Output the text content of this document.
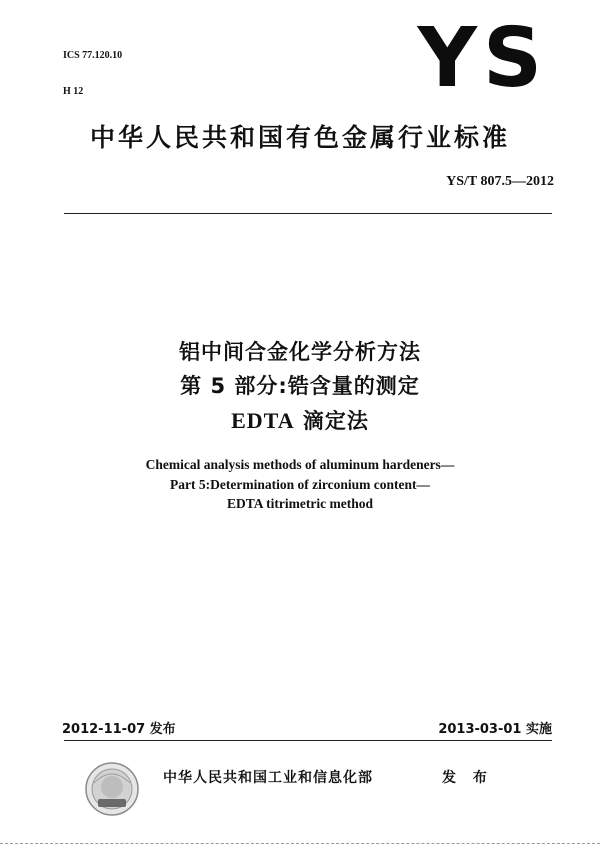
ICS 77.120.10

H 12	YS
中华人民共和国有色金属行业标准
YS/T 807.5—2012
铝中间合金化学分析方法
第 5 部分:锆含量的测定
EDTA 滴定法
Chemical analysis methods of aluminum hardeners—
Part 5:Determination of zirconium content—
EDTA titrimetric method
2012-11-07 发布	2013-03-01 实施
中华人民共和国工业和信息化部	发 布
